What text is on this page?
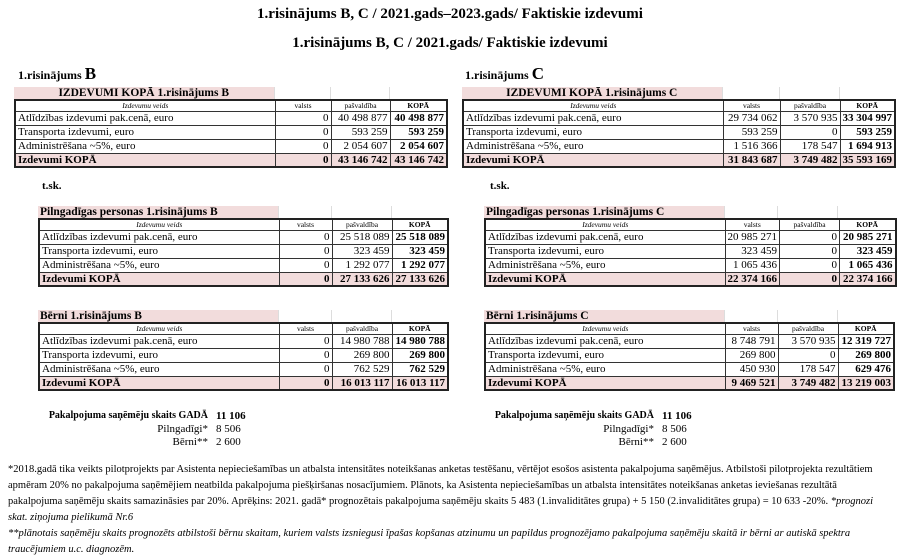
1.risinājums B, C / 2021.gads–2023.gads/ Faktiskie izdevumi
1.risinājums B, C / 2021.gads/ Faktiskie izdevumi
1.risinājums B	1.risinājums C
IZDEVUMI KOPĀ 1.risinājums B			
Izdevumu veids	valsts	pašvaldība	KOPĀ
Atlīdzības izdevumi pak.cenā, euro	0	40 498 877	40 498 877
Transporta izdevumi, euro	0	593 259	593 259
Administrēšana ~5%, euro	0	2 054 607	2 054 607
Izdevumi KOPĀ	0	43 146 742	43 146 742
IZDEVUMI KOPĀ 1.risinājums C			
Izdevumu veids	valsts	pašvaldība	KOPĀ
Atlīdzības izdevumi pak.cenā, euro	29 734 062	3 570 935	33 304 997
Transporta izdevumi, euro	593 259	0	593 259
Administrēšana ~5%, euro	1 516 366	178 547	1 694 913
Izdevumi KOPĀ	31 843 687	3 749 482	35 593 169
t.sk.	t.sk.
Pilngadīgas personas 1.risinājums B			
Izdevumu veids	valsts	pašvaldība	KOPĀ
Atlīdzības izdevumi pak.cenā, euro	0	25 518 089	25 518 089
Transporta izdevumi, euro	0	323 459	323 459
Administrēšana ~5%, euro	0	1 292 077	1 292 077
Izdevumi KOPĀ	0	27 133 626	27 133 626
Pilngadīgas personas 1.risinājums C			
Izdevumu veids	valsts	pašvaldība	KOPĀ
Atlīdzības izdevumi pak.cenā, euro	20 985 271	0	20 985 271
Transporta izdevumi, euro	323 459	0	323 459
Administrēšana ~5%, euro	1 065 436	0	1 065 436
Izdevumi KOPĀ	22 374 166	0	22 374 166
Bērni 1.risinājums B			
Izdevumu veids	valsts	pašvaldība	KOPĀ
Atlīdzības izdevumi pak.cenā, euro	0	14 980 788	14 980 788
Transporta izdevumi, euro	0	269 800	269 800
Administrēšana ~5%, euro	0	762 529	762 529
Izdevumi KOPĀ	0	16 013 117	16 013 117
Bērni 1.risinājums C			
Izdevumu veids	valsts	pašvaldība	KOPĀ
Atlīdzības izdevumi pak.cenā, euro	8 748 791	3 570 935	12 319 727
Transporta izdevumi, euro	269 800	0	269 800
Administrēšana ~5%, euro	450 930	178 547	629 476
Izdevumi KOPĀ	9 469 521	3 749 482	13 219 003
Pakalpojuma saņēmēju skaits GADĀ 11 106
Pilngadīgi* 8 506
Bērni** 2 600
Pakalpojuma saņēmēju skaits GADĀ 11 106
Pilngadīgi* 8 506
Bērni** 2 600
*2018.gadā tika veikts pilotprojekts par Asistenta nepieciešamības un atbalsta intensitātes noteikšanas anketas testēšanu, vērtējot esošos asistenta pakalpojuma saņēmējus. Atbilstoši pilotprojekta rezultātiem apmēram 20% no pakalpojuma saņēmējiem neatbilda pakalpojuma piešķiršanas nosacījumiem. Plānots, ka Asistenta nepieciešamības un atbalsta intensitātes noteikšanas anketas ieviešanas rezultātā pakalpojuma saņēmēju skaits samazināsies par 20%. Aprēķins: 2021. gadā* prognozētais pakalpojuma saņēmēju skaits 5 483 (1.invaliditātes grupa) + 5 150 (2.invaliditātes grupa) = 10 633 -20%. *prognozi skat. ziņojuma pielikumā Nr.6
**plānotais saņēmēju skaits prognozēts atbilstoši bērnu skaitam, kuriem valsts izsniegusi īpašas kopšanas atzinumu un papildus prognozējamo pakalpojuma saņēmēju skaitā ir bērni ar autiskā spektra traucējumiem u.c. diagnozēm.
